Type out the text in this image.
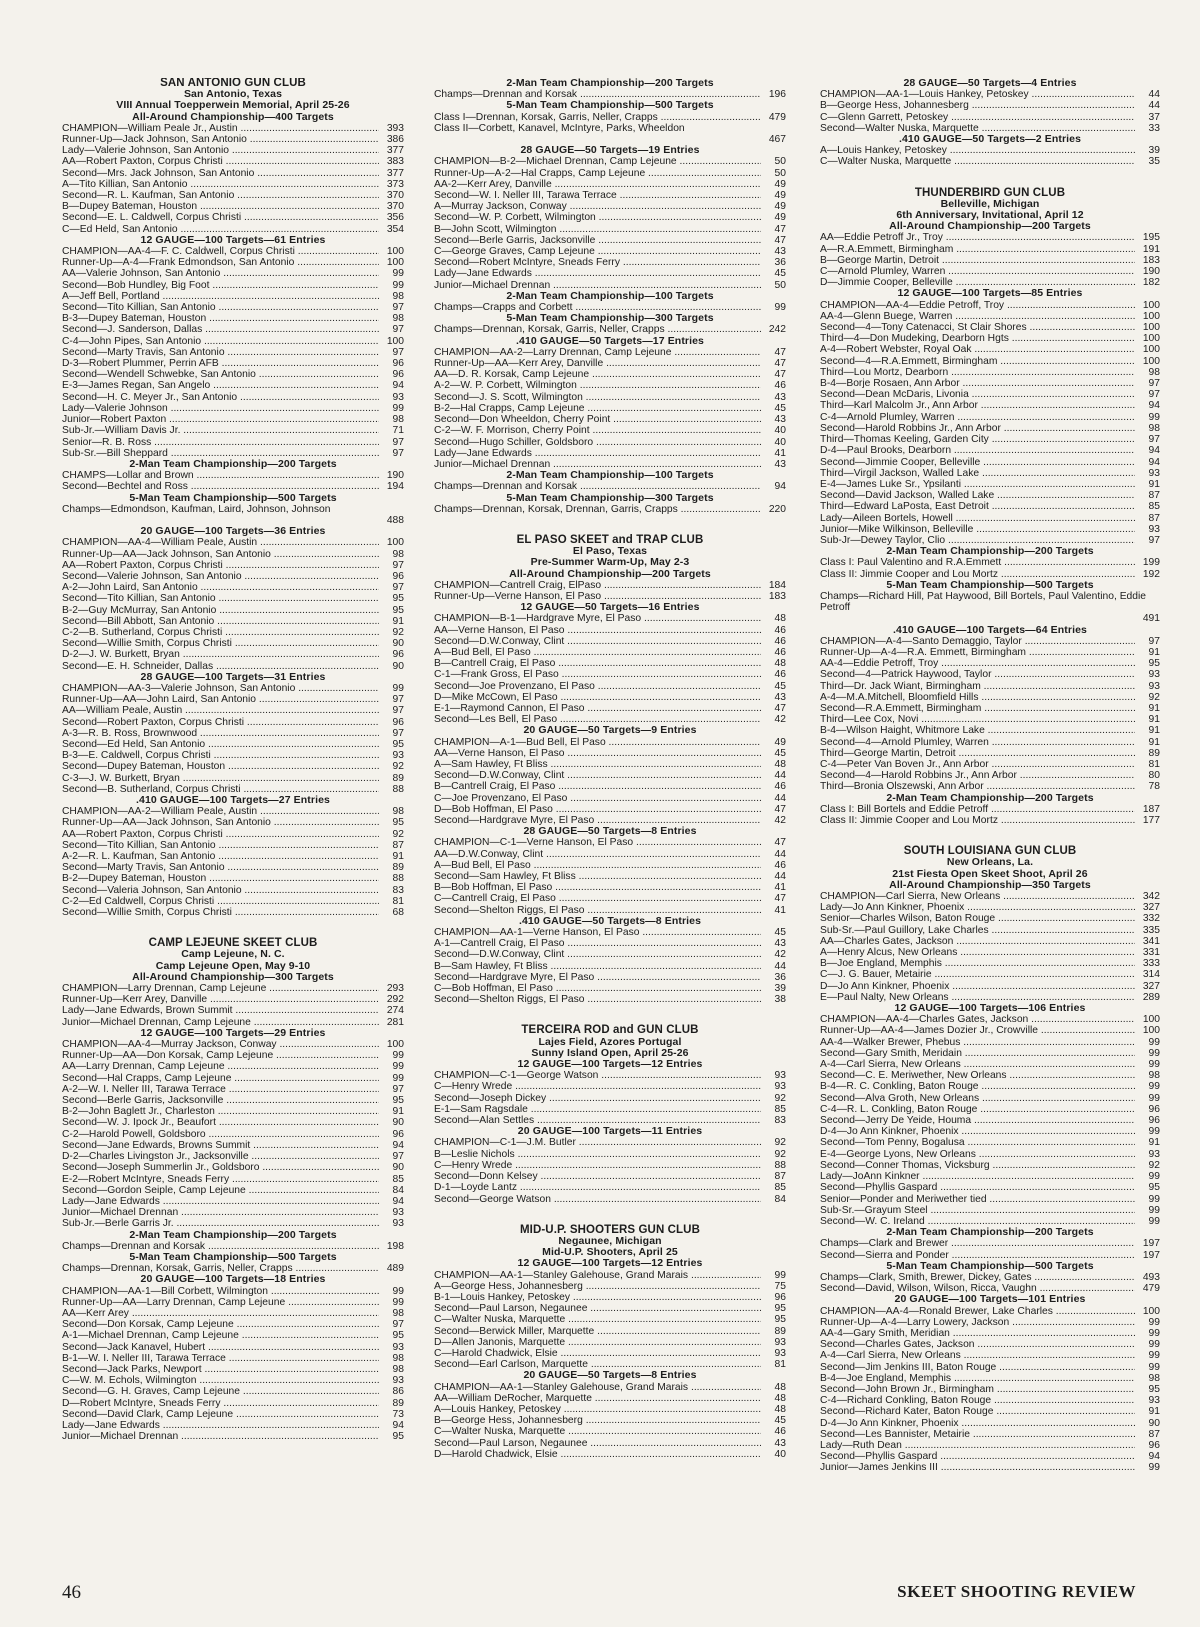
SAN ANTONIO GUN CLUB
San Antonio, Texas
VIII Annual Toepperwein Memorial, April 25-26
All-Around Championship—400 Targets
CHAMPION—William Peale Jr., Austin .....	393
Runner-Up—Jack Johnson, San Antonio .....	386
Lady—Valerie Johnson, San Antonio .....	377
AA—Robert Paxton, Corpus Christi .....	383
Second—Mrs. Jack Johnson, San Antonio .....	377
A—Tito Killian, San Antonio .....	373
Second—R. L. Kaufman, San Antonio .....	370
B—Dupey Bateman, Houston .....	370
Second—E. L. Caldwell, Corpus Christi .....	356
C—Ed Held, San Antonio .....	354
12 GAUGE—100 Targets—61 Entries
CHAMPION—AA-4—F. C. Caldwell, Corpus Christi .....	100
Runner-Up—A-4—Frank Edmondson, San Antonio .....	100
AA—Valerie Johnson, San Antonio .....	99
Second—Bob Hundley, Big Foot .....	99
A—Jeff Bell, Portland .....	98
Second—Tito Killian, San Antonio .....	97
B-3—Dupey Bateman, Houston .....	98
Second—J. Sanderson, Dallas .....	97
C-4—John Pipes, San Antonio .....	100
Second—Marty Travis, San Antonio .....	97
D-3—Robert Plummer, Perrin AFB .....	96
Second—Wendell Schwebke, San Antonio .....	96
E-3—James Regan, San Angelo .....	94
Second—H. C. Meyer Jr., San Antonio .....	93
Lady—Valerie Johnson .....	99
Junior—Robert Paxton .....	98
Sub-Jr.—William Davis Jr. .....	71
Senior—R. B. Ross .....	97
Sub-Sr.—Bill Sheppard .....	97
2-Man Team Championship—200 Targets
CHAMPS—Lollar and Brown .....	190
Second—Bechtel and Ross .....	194
5-Man Team Championship—500 Targets
Champs—Edmondson, Kaufman, Laird, Johnson, Johnson
488
20 GAUGE—100 Targets—36 Entries
CHAMPION—AA-4—William Peale, Austin .....	100
Runner-Up—AA—Jack Johnson, San Antonio .....	98
AA—Robert Paxton, Corpus Christi .....	97
Second—Valerie Johnson, San Antonio .....	96
A-2—John Laird, San Antonio .....	97
Second—Tito Killian, San Antonio .....	95
B-2—Guy McMurray, San Antonio .....	95
Second—Bill Abbott, San Antonio .....	91
C-2—B. Sutherland, Corpus Christi .....	92
Second—Willie Smith, Corpus Christi .....	90
D-2—J. W. Burkett, Bryan .....	96
Second—E. H. Schneider, Dallas .....	90
28 GAUGE—100 Targets—31 Entries
CHAMPION—AA-3—Valerie Johnson, San Antonio .....	99
Runner-Up—AA—John Laird, San Antonio .....	97
AA—William Peale, Austin .....	97
Second—Robert Paxton, Corpus Christi .....	96
A-3—R. B. Ross, Brownwood .....	97
Second—Ed Held, San Antonio .....	95
B-3—E. Caldwell, Corpus Christi .....	93
Second—Dupey Bateman, Houston .....	92
C-3—J. W. Burkett, Bryan .....	89
Second—B. Sutherland, Corpus Christi .....	88
.410 GAUGE—100 Targets—27 Entries
CHAMPION—AA-2—William Peale, Austin .....	98
Runner-Up—AA—Jack Johnson, San Antonio .....	95
AA—Robert Paxton, Corpus Christi .....	92
Second—Tito Killian, San Antonio .....	87
A-2—R. L. Kaufman, San Antonio .....	91
Second—Marty Travis, San Antonio .....	89
B-2—Dupey Bateman, Houston .....	88
Second—Valeria Johnson, San Antonio .....	83
C-2—Ed Caldwell, Corpus Christi .....	81
Second—Willie Smith, Corpus Christi .....	68
CAMP LEJEUNE SKEET CLUB
Camp Lejeune, N. C.
Camp Lejeune Open, May 9-10
All-Around Championship—300 Targets
CHAMPION—Larry Drennan, Camp Lejeune .....	293
Runner-Up—Kerr Arey, Danville .....	292
Lady—Jane Edwards, Brown Summit .....	274
Junior—Michael Drennan, Camp Lejeune .....	281
12 GAUGE—100 Targets—29 Entries
CHAMPION—AA-4—Murray Jackson, Conway .....	100
Runner-Up—AA—Don Korsak, Camp Lejeune .....	99
AA—Larry Drennan, Camp Lejeune .....	99
Second—Hal Crapps, Camp Lejeune .....	99
A-2—W. I. Neller III, Tarawa Terrace .....	97
Second—Berle Garris, Jacksonville .....	95
B-2—John Baglett Jr., Charleston .....	91
Second—W. J. Ipock Jr., Beaufort .....	90
C-2—Harold Powell, Goldsboro .....	96
Second—Jane Edwards, Browns Summit .....	94
D-2—Charles Livingston Jr., Jacksonville .....	97
Second—Joseph Summerlin Jr., Goldsboro .....	90
E-2—Robert McIntyre, Sneads Ferry .....	85
Second—Gordon Seiple, Camp Lejeune .....	84
Lady—Jane Edwards .....	94
Junior—Michael Drennan .....	93
Sub-Jr.—Berle Garris Jr. .....	93
2-Man Team Championship—200 Targets
Champs—Drennan and Korsak .....	198
5-Man Team Championship—500 Targets
Champs—Drennan, Korsak, Garris, Neller, Crapps .....	489
20 GAUGE—100 Targets—18 Entries
CHAMPION—AA-1—Bill Corbett, Wilmington .....	99
Runner-Up—AA—Larry Drennan, Camp Lejeune .....	99
AA—Kerr Arey .....	98
Second—Don Korsak, Camp Lejeune .....	97
A-1—Michael Drennan, Camp Lejeune .....	95
Second—Jack Kanavel, Hubert .....	93
B-1—W. I. Neller III, Tarawa Terrace .....	98
Second—Jack Parks, Newport .....	98
C—W. M. Echols, Wilmington .....	93
Second—G. H. Graves, Camp Lejeune .....	86
D—Robert McIntyre, Sneads Ferry .....	89
Second—David Clark, Camp Lejeune .....	73
Lady—Jane Edwards .....	94
Junior—Michael Drennan .....	95
2-Man Team Championship—200 Targets
Champs—Drennan and Korsak .....	196
5-Man Team Championship—500 Targets
Class I—Drennan, Korsak, Garris, Neller, Crapps .....	479
Class II—Corbett, Kanavel, McIntyre, Parks, Wheeldon
467
28 GAUGE—50 Targets—19 Entries
CHAMPION—B-2—Michael Drennan, Camp Lejeune .....	50
Runner-Up—A-2—Hal Crapps, Camp Lejeune .....	50
AA-2—Kerr Arey, Danville .....	49
Second—W. I. Neller III, Tarawa Terrace .....	49
A—Murray Jackson, Conway .....	49
Second—W. P. Corbett, Wilmington .....	49
B—John Scott, Wilmington .....	47
Second—Berle Garris, Jacksonville .....	47
C—George Graves, Camp Lejeune .....	43
Second—Robert McIntyre, Sneads Ferry .....	36
Lady—Jane Edwards .....	45
Junior—Michael Drennan .....	50
2-Man Team Championship—100 Targets
Champs—Crapps and Corbett .....	99
5-Man Team Championship—300 Targets
Champs—Drennan, Korsak, Garris, Neller, Crapps .....	242
.410 GAUGE—50 Targets—17 Entries
CHAMPION—AA-2—Larry Drennan, Camp Lejeune .....	47
Runner-Up—AA—Kerr Arey, Danville .....	47
AA—D. R. Korsak, Camp Lejeune .....	47
A-2—W. P. Corbett, Wilmington .....	46
Second—J. S. Scott, Wilmington .....	43
B-2—Hal Crapps, Camp Lejeune .....	45
Second—Don Wheeldon, Cherry Point .....	43
C-2—W. F. Morrison, Cherry Point .....	40
Second—Hugo Schiller, Goldsboro .....	40
Lady—Jane Edwards .....	41
Junior—Michael Drennan .....	43
2-Man Team Championship—100 Targets
Champs—Drennan and Korsak .....	94
5-Man Team Championship—300 Targets
Champs—Drennan, Korsak, Drennan, Garris, Crapps .....	220
EL PASO SKEET and TRAP CLUB
El Paso, Texas
Pre-Summer Warm-Up, May 2-3
All-Around Championship—200 Targets
CHAMPION—Cantrell Craig, ElPaso .....	184
Runner-Up—Verne Hanson, El Paso .....	183
12 GAUGE—50 Targets—16 Entries
CHAMPION—B-1—Hardgrave Myre, El Paso .....	48
AA—Verne Hanson, El Paso .....	46
Second—D.W.Conway, Clint .....	46
A—Bud Bell, El Paso .....	46
B—Cantrell Craig, El Paso .....	48
C-1—Frank Gross, El Paso .....	46
Second—Joe Provenzano, El Paso .....	45
D—Mike McCown, El Paso .....	43
E-1—Raymond Cannon, El Paso .....	47
Second—Les Bell, El Paso .....	42
20 GAUGE—50 Targets—9 Entries
CHAMPION—A-1—Bud Bell, El Paso .....	49
AA—Verne Hanson, El Paso .....	45
A—Sam Hawley, Ft Bliss .....	48
Second—D.W.Conway, Clint .....	44
B—Cantrell Craig, El Paso .....	46
C—Joe Provenzano, El Paso .....	44
D—Bob Hoffman, El Paso .....	47
Second—Hardgrave Myre, El Paso .....	42
28 GAUGE—50 Targets—8 Entries
CHAMPION—C-1—Verne Hanson, El Paso .....	47
AA—D.W.Conway, Clint .....	44
A—Bud Bell, El Paso .....	46
Second—Sam Hawley, Ft Bliss .....	44
B—Bob Hoffman, El Paso .....	41
C—Cantrell Craig, El Paso .....	47
Second—Shelton Riggs, El Paso .....	41
.410 GAUGE—50 Targets—8 Entries
CHAMPION—AA-1—Verne Hanson, El Paso .....	45
A-1—Cantrell Craig, El Paso .....	43
Second—D.W.Conway, Clint .....	42
B—Sam Hawley, Ft Bliss .....	44
Second—Hardgrave Myre, El Paso .....	36
C—Bob Hoffman, El Paso .....	39
Second—Shelton Riggs, El Paso .....	38
TERCEIRA ROD and GUN CLUB
Lajes Field, Azores Portugal
Sunny Island Open, April 25-26
12 GAUGE—100 Targets—12 Entries
CHAMPION—C-1—George Watson .....	93
C—Henry Wrede .....	93
Second—Joseph Dickey .....	92
E-1—Sam Ragsdale .....	85
Second—Alan Settles .....	83
20 GAUGE—100 Targets—11 Entries
CHAMPION—C-1—J.M. Butler .....	92
B—Leslie Nichols .....	92
C—Henry Wrede .....	88
Second—Donn Kelsey .....	87
D-1—Loyde Lantz .....	85
Second—George Watson .....	84
MID-U.P. SHOOTERS GUN CLUB
Negaunee, Michigan
Mid-U.P. Shooters, April 25
12 GAUGE—100 Targets—12 Entries
CHAMPION—AA-1—Stanley Galehouse, Grand Marais .....	99
A—George Hess, Johannesberg .....	75
B-1—Louis Hankey, Petoskey .....	96
Second—Paul Larson, Negaunee .....	95
C—Walter Nuska, Marquette .....	95
Second—Berwick Miller, Marquette .....	89
D—Allen Janonis, Marquette .....	93
C—Harold Chadwick, Elsie .....	93
Second—Earl Carlson, Marquette .....	81
20 GAUGE—50 Targets—8 Entries
CHAMPION—AA-1—Stanley Galehouse, Grand Marais .....	48
AA—William DeRocher, Marquette .....	48
A—Louis Hankey, Petoskey .....	48
B—George Hess, Johannesberg .....	45
C—Walter Nuska, Marquette .....	46
Second—Paul Larson, Negaunee .....	43
D—Harold Chadwick, Elsie .....	40
28 GAUGE—50 Targets—4 Entries
CHAMPION—AA-1—Louis Hankey, Petoskey .....	44
B—George Hess, Johannesberg .....	44
C—Glenn Garrett, Petoskey .....	37
Second—Walter Nuska, Marquette .....	33
.410 GAUGE—50 Targets—2 Entries
A—Louis Hankey, Petoskey .....	39
C—Walter Nuska, Marquette .....	35
THUNDERBIRD GUN CLUB
Belleville, Michigan
6th Anniversary, Invitational, April 12
All-Around Championship—200 Targets
AA—Eddie Petroff Jr., Troy .....	195
A—R.A.Emmett, Birmingham .....	191
B—George Martin, Detroit .....	183
C—Arnold Plumley, Warren .....	190
D—Jimmie Cooper, Belleville .....	182
12 GAUGE—100 Targets—85 Entries
CHAMPION—AA-4—Eddie Petroff, Troy .....	100
AA-4—Glenn Buege, Warren .....	100
Second—4—Tony Catenacci, St Clair Shores .....	100
Third—4—Don Mudeking, Dearborn Hgts .....	100
A-4—Robert Webster, Royal Oak .....	100
Second—4—R.A.Emmett, Birmingham .....	100
Third—Lou Mortz, Dearborn .....	98
B-4—Borje Rosaen, Ann Arbor .....	97
Second—Dean McDaris, Livonia .....	97
Third—Karl Malcolm Jr., Ann Arbor .....	94
C-4—Arnold Plumley, Warren .....	99
Second—Harold Robbins Jr., Ann Arbor .....	98
Third—Thomas Keeling, Garden City .....	97
D-4—Paul Brooks, Dearborn .....	94
Second—Jimmie Cooper, Belleville .....	94
Third—Virgil Jackson, Walled Lake .....	93
E-4—James Luke Sr., Ypsilanti .....	91
Second—David Jackson, Walled Lake .....	87
Third—Edward LaPosta, East Detroit .....	85
Lady—Aileen Bortels, Howell .....	87
Junior—Mike Wilkinson, Belleville .....	93
Sub-Jr—Dewey Taylor, Clio .....	97
2-Man Team Championship—200 Targets
Class I: Paul Valentino and R.A.Emmett .....	199
Class II: Jimmie Cooper and Lou Mortz .....	192
5-Man Team Championship—500 Targets
Champs—Richard Hill, Pat Haywood, Bill Bortels, Paul Valentino, Eddie Petroff
491
.410 GAUGE—100 Targets—64 Entries
CHAMPION—A-4—Santo Demaggio, Taylor .....	97
Runner-Up—A-4—R.A. Emmett, Birmingham .....	91
AA-4—Eddie Petroff, Troy .....	95
Second—4—Patrick Haywood, Taylor .....	93
Third—Dr. Jack Wiant, Birmingham .....	93
A-4—M.A.Mitchell, Bloomfield Hills .....	92
Second—R.A.Emmett, Birmingham .....	91
Third—Lee Cox, Novi .....	91
B-4—Wilson Haight, Whitmore Lake .....	91
Second—4—Arnold Plumley, Warren .....	91
Third—George Martin, Detroit .....	89
C-4—Peter Van Boven Jr., Ann Arbor .....	81
Second—4—Harold Robbins Jr., Ann Arbor .....	80
Third—Bronia Olszewski, Ann Arbor .....	78
2-Man Team Championship—200 Targets
Class I: Bill Bortels and Eddie Petroff .....	187
Class II: Jimmie Cooper and Lou Mortz .....	177
SOUTH LOUISIANA GUN CLUB
New Orleans, La.
21st Fiesta Open Skeet Shoot, April 26
All-Around Championship—350 Targets
CHAMPION—Carl Sierra, New Orleans .....	342
Lady—Jo Ann Kinkner, Phoenix .....	327
Senior—Charles Wilson, Baton Rouge .....	332
Sub-Sr.—Paul Guillory, Lake Charles .....	335
AA—Charles Gates, Jackson .....	341
A—Henry Alcus, New Orleans .....	331
B—Joe England, Memphis .....	333
C—J. G. Bauer, Metairie .....	314
D—Jo Ann Kinkner, Phoenix .....	327
E—Paul Nalty, New Orleans .....	289
12 GAUGE—100 Targets—106 Entries
CHAMPION—AA-4—Charles Gates, Jackson .....	100
Runner-Up—AA-4—James Dozier Jr., Crowville .....	100
AA-4—Walker Brewer, Phebus .....	99
Second—Gary Smith, Meridain .....	99
A-4—Carl Sierra, New Orleans .....	99
Second—C. E. Meriwether, New Orleans .....	98
B-4—R. C. Conkling, Baton Rouge .....	99
Second—Alva Groth, New Orleans .....	99
C-4—R. L. Conkling, Baton Rouge .....	96
Second—Jerry De Yeide, Houma .....	96
D-4—Jo Ann Kinkner, Phoenix .....	99
Second—Tom Penny, Bogalusa .....	91
E-4—George Lyons, New Orleans .....	93
Second—Conner Thomas, Vicksburg .....	92
Lady—JoAnn Kinkner .....	99
Second—Phyllis Gaspard .....	95
Senior—Ponder and Meriwether tied .....	99
Sub-Sr.—Grayum Steel .....	99
Second—W. C. Ireland .....	99
2-Man Team Championship—200 Targets
Champs—Clark and Brewer .....	197
Second—Sierra and Ponder .....	197
5-Man Team Championship—500 Targets
Champs—Clark, Smith, Brewer, Dickey, Gates .....	493
Second—David, Wilson, Wilson, Ricca, Vaughn .....	479
20 GAUGE—100 Targets—101 Entries
CHAMPION—AA-4—Ronald Brewer, Lake Charles .....	100
Runner-Up—A-4—Larry Lowery, Jackson .....	99
AA-4—Gary Smith, Meridian .....	99
Second—Charles Gates, Jackson .....	99
A-4—Carl Sierra, New Orleans .....	99
Second—Jim Jenkins III, Baton Rouge .....	99
B-4—Joe England, Memphis .....	98
Second—John Brown Jr., Birmingham .....	95
C-4—Richard Conkling, Baton Rouge .....	93
Second—Richard Kater, Baton Rouge .....	91
D-4—Jo Ann Kinkner, Phoenix .....	90
Second—Les Bannister, Metairie .....	87
Lady—Ruth Dean .....	96
Second—Phyllis Gaspard .....	94
Junior—James Jenkins III .....	99
46	SKEET SHOOTING REVIEW
